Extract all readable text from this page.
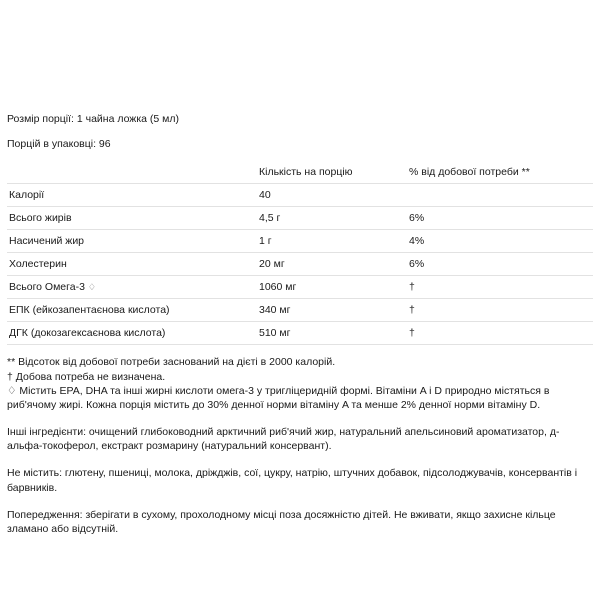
Розмір порції: 1 чайна ложка (5 мл)

Порцій в упаковці: 96

	Кількість на порцію	% від добової потреби **
Калорії	40	
Всього жирів	4,5 г	6%
Насичений жир	1 г	4%
Холестерин	20 мг	6%
Всього Омега-3 ♢	1060 мг	†
ЕПК (ейкозапентаєнова кислота)	340 мг	†
ДГК (докозагексаєнова кислота)	510 мг	†

** Відсоток від добової потреби заснований на дієті в 2000 калорій.

† Добова потреба не визначена.

♢ Містить EPA, DHA та інші жирні кислоти омега-3 у тригліцеридній формі. Вітаміни A і D природно містяться в риб'ячому жирі. Кожна порція містить до 30% денної норми вітаміну A та менше 2% денної норми вітаміну D.

Інші інгредієнти: очищений глибоководний арктичний риб'ячий жир, натуральний апельсиновий ароматизатор, д-альфа-токоферол, екстракт розмарину (натуральний консервант).

Не містить: глютену, пшениці, молока, дріжджів, сої, цукру, натрію, штучних добавок, підсолоджувачів, консервантів і барвників.

Попередження: зберігати в сухому, прохолодному місці поза досяжністю дітей. Не вживати, якщо захисне кільце зламано або відсутній.
